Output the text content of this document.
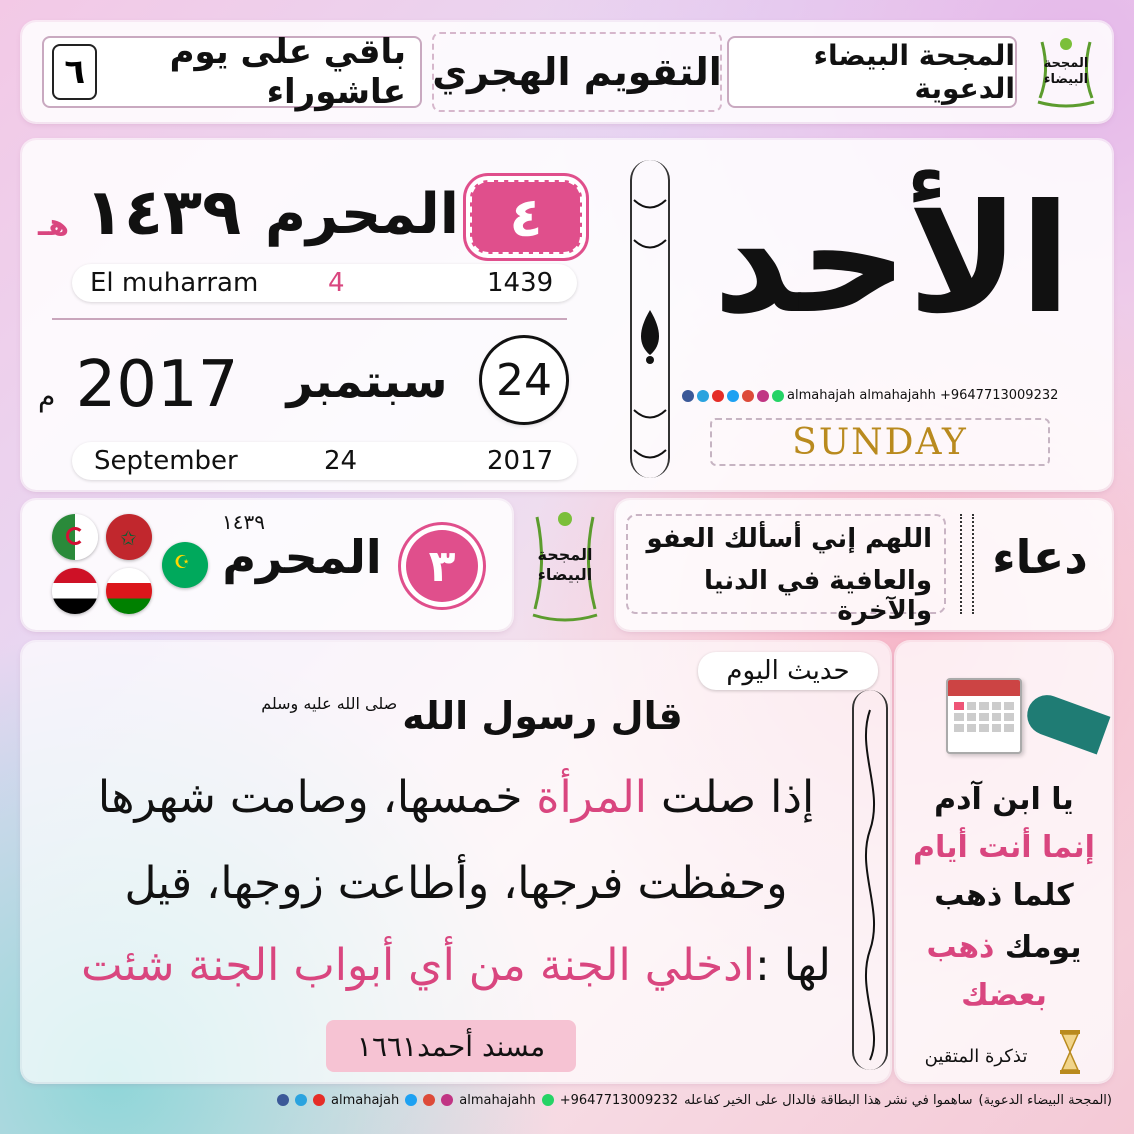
باقي على يوم عاشوراء
٦	التقويم الهجري	المجحة البيضاء الدعوية
المجحة البيضاء
٤
المحرم
١٤٣٩
هـ
El muharram	4	1439
24
سبتمبر
2017
م
September	24	2017
الأحد
almahajah almahajahh +9647713009232
SUNDAY
✩
☪
١٤٣٩
المحرم ٣	المجحة البيضاء	دعاء
اللهم إني أسألك العفو
والعافية في الدنيا والآخرة
حديث اليوم
قال رسول الله صلى الله عليه وسلم
إذا صلت المرأة خمسها، وصامت شهرها
وحفظت فرجها، وأطاعت زوجها، قيل
لها :ادخلي الجنة من أي أبواب الجنة شئت
مسند أحمد١٦٦١
يا ابن آدم
إنما أنت أيام
كلما ذهب
يومك ذهب
بعضك
تذكرة المتقين
almahajah	almahajahh +9647713009232 ساهموا في نشر هذا البطاقة فالدال على الخير كفاعله (المجحة البيضاء الدعوية)
